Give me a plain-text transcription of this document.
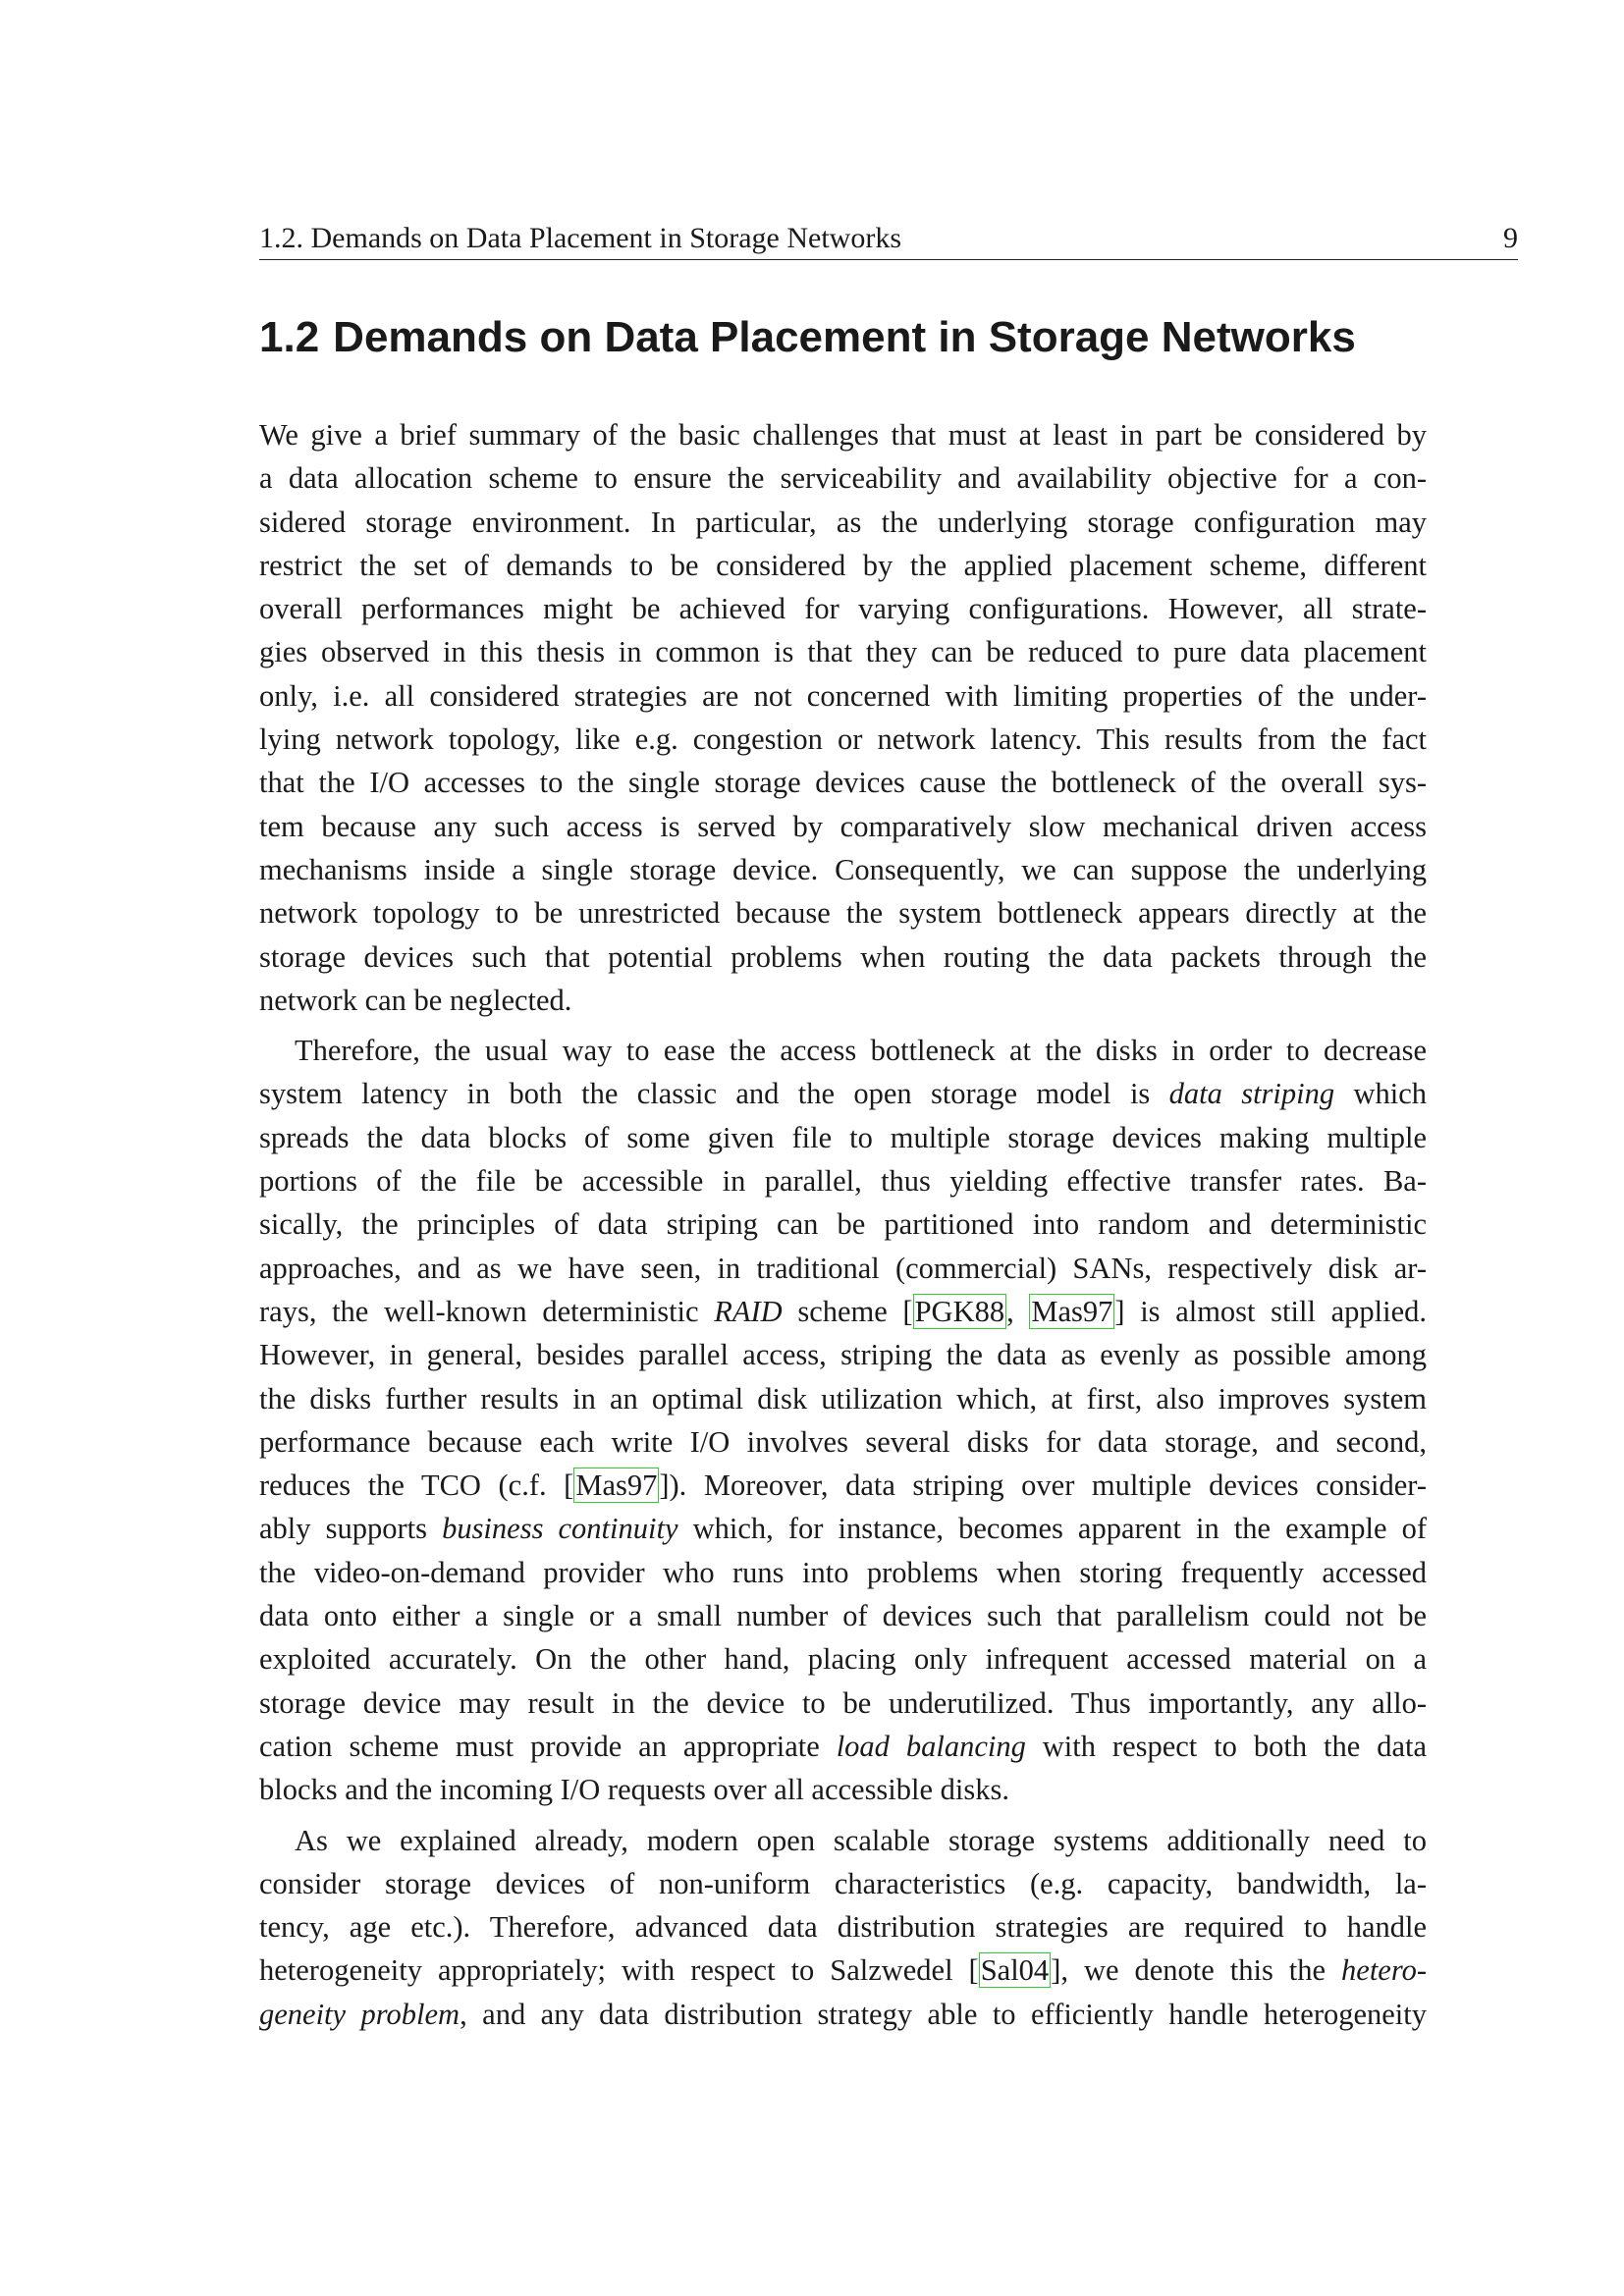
1.2. Demands on Data Placement in Storage Networks	9
1.2 Demands on Data Placement in Storage Networks
We give a brief summary of the basic challenges that must at least in part be considered by
a data allocation scheme to ensure the serviceability and availability objective for a con-
sidered storage environment. In particular, as the underlying storage configuration may
restrict the set of demands to be considered by the applied placement scheme, different
overall performances might be achieved for varying configurations. However, all strate-
gies observed in this thesis in common is that they can be reduced to pure data placement
only, i.e. all considered strategies are not concerned with limiting properties of the under-
lying network topology, like e.g. congestion or network latency. This results from the fact
that the I/O accesses to the single storage devices cause the bottleneck of the overall sys-
tem because any such access is served by comparatively slow mechanical driven access
mechanisms inside a single storage device. Consequently, we can suppose the underlying
network topology to be unrestricted because the system bottleneck appears directly at the
storage devices such that potential problems when routing the data packets through the
network can be neglected.
Therefore, the usual way to ease the access bottleneck at the disks in order to decrease
system latency in both the classic and the open storage model is data striping which
spreads the data blocks of some given file to multiple storage devices making multiple
portions of the file be accessible in parallel, thus yielding effective transfer rates. Ba-
sically, the principles of data striping can be partitioned into random and deterministic
approaches, and as we have seen, in traditional (commercial) SANs, respectively disk ar-
rays, the well-known deterministic RAID scheme [PGK88, Mas97] is almost still applied.
However, in general, besides parallel access, striping the data as evenly as possible among
the disks further results in an optimal disk utilization which, at first, also improves system
performance because each write I/O involves several disks for data storage, and second,
reduces the TCO (c.f. [Mas97]). Moreover, data striping over multiple devices consider-
ably supports business continuity which, for instance, becomes apparent in the example of
the video-on-demand provider who runs into problems when storing frequently accessed
data onto either a single or a small number of devices such that parallelism could not be
exploited accurately. On the other hand, placing only infrequent accessed material on a
storage device may result in the device to be underutilized. Thus importantly, any allo-
cation scheme must provide an appropriate load balancing with respect to both the data
blocks and the incoming I/O requests over all accessible disks.
As we explained already, modern open scalable storage systems additionally need to
consider storage devices of non-uniform characteristics (e.g. capacity, bandwidth, la-
tency, age etc.). Therefore, advanced data distribution strategies are required to handle
heterogeneity appropriately; with respect to Salzwedel [Sal04], we denote this the hetero-
geneity problem, and any data distribution strategy able to efficiently handle heterogeneity
